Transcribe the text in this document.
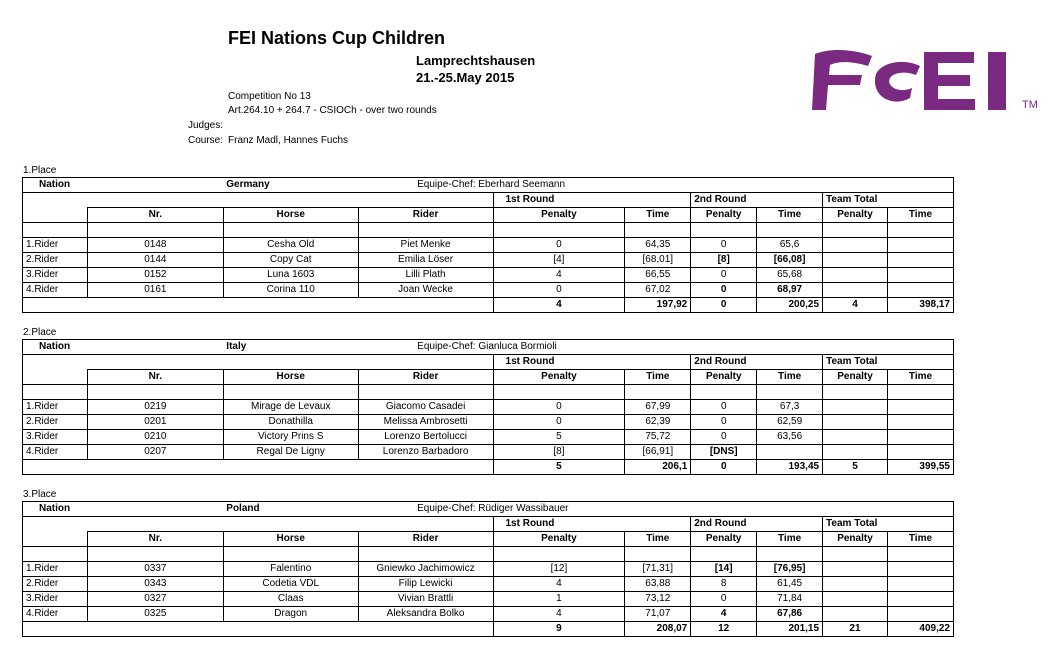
FEI Nations Cup Children
Lamprechtshausen
21.-25.May 2015
Competition No 13
Art.264.10 + 264.7 - CSIOCh - over two rounds
Judges:
Course: Franz Madl, Hannes Fuchs
TM
1.Place
Nation		Germany	Equipe-Chef: Eberhard Seemann						
				1st Round		2nd Round		Team Total	
	Nr.	Horse	Rider	Penalty	Time	Penalty	Time	Penalty	Time

1.Rider	0148	Cesha Old	Piet Menke	0	64,35	0	65,6		
2.Rider	0144	Copy Cat	Emilia Löser	[4]	[68,01]	[8]	[66,08]		
3.Rider	0152	Luna 1603	Lilli Plath	4	66,55	0	65,68		
4.Rider	0161	Corina 110	Joan Wecke	0	67,02	0	68,97		
				4	197,92	0	200,25	4	398,17
2.Place
Nation		Italy	Equipe-Chef: Gianluca Bormioli						
				1st Round		2nd Round		Team Total	
	Nr.	Horse	Rider	Penalty	Time	Penalty	Time	Penalty	Time

1.Rider	0219	Mirage de Levaux	Giacomo Casadei	0	67,99	0	67,3		
2.Rider	0201	Donathilla	Melissa Ambrosetti	0	62,39	0	62,59		
3.Rider	0210	Victory Prins S	Lorenzo Bertolucci	5	75,72	0	63,56		
4.Rider	0207	Regal De Ligny	Lorenzo Barbadoro	[8]	[66,91]	[DNS]			
				5	206,1	0	193,45	5	399,55
3.Place
Nation		Poland	Equipe-Chef: Rüdiger Wassibauer						
				1st Round		2nd Round		Team Total	
	Nr.	Horse	Rider	Penalty	Time	Penalty	Time	Penalty	Time

1.Rider	0337	Falentino	Gniewko Jachimowicz	[12]	[71,31]	[14]	[76,95]		
2.Rider	0343	Codetia VDL	Filip Lewicki	4	63,88	8	61,45		
3.Rider	0327	Claas	Vivian Brattli	1	73,12	0	71,84		
4.Rider	0325	Dragon	Aleksandra Bolko	4	71,07	4	67,86		
				9	208,07	12	201,15	21	409,22
